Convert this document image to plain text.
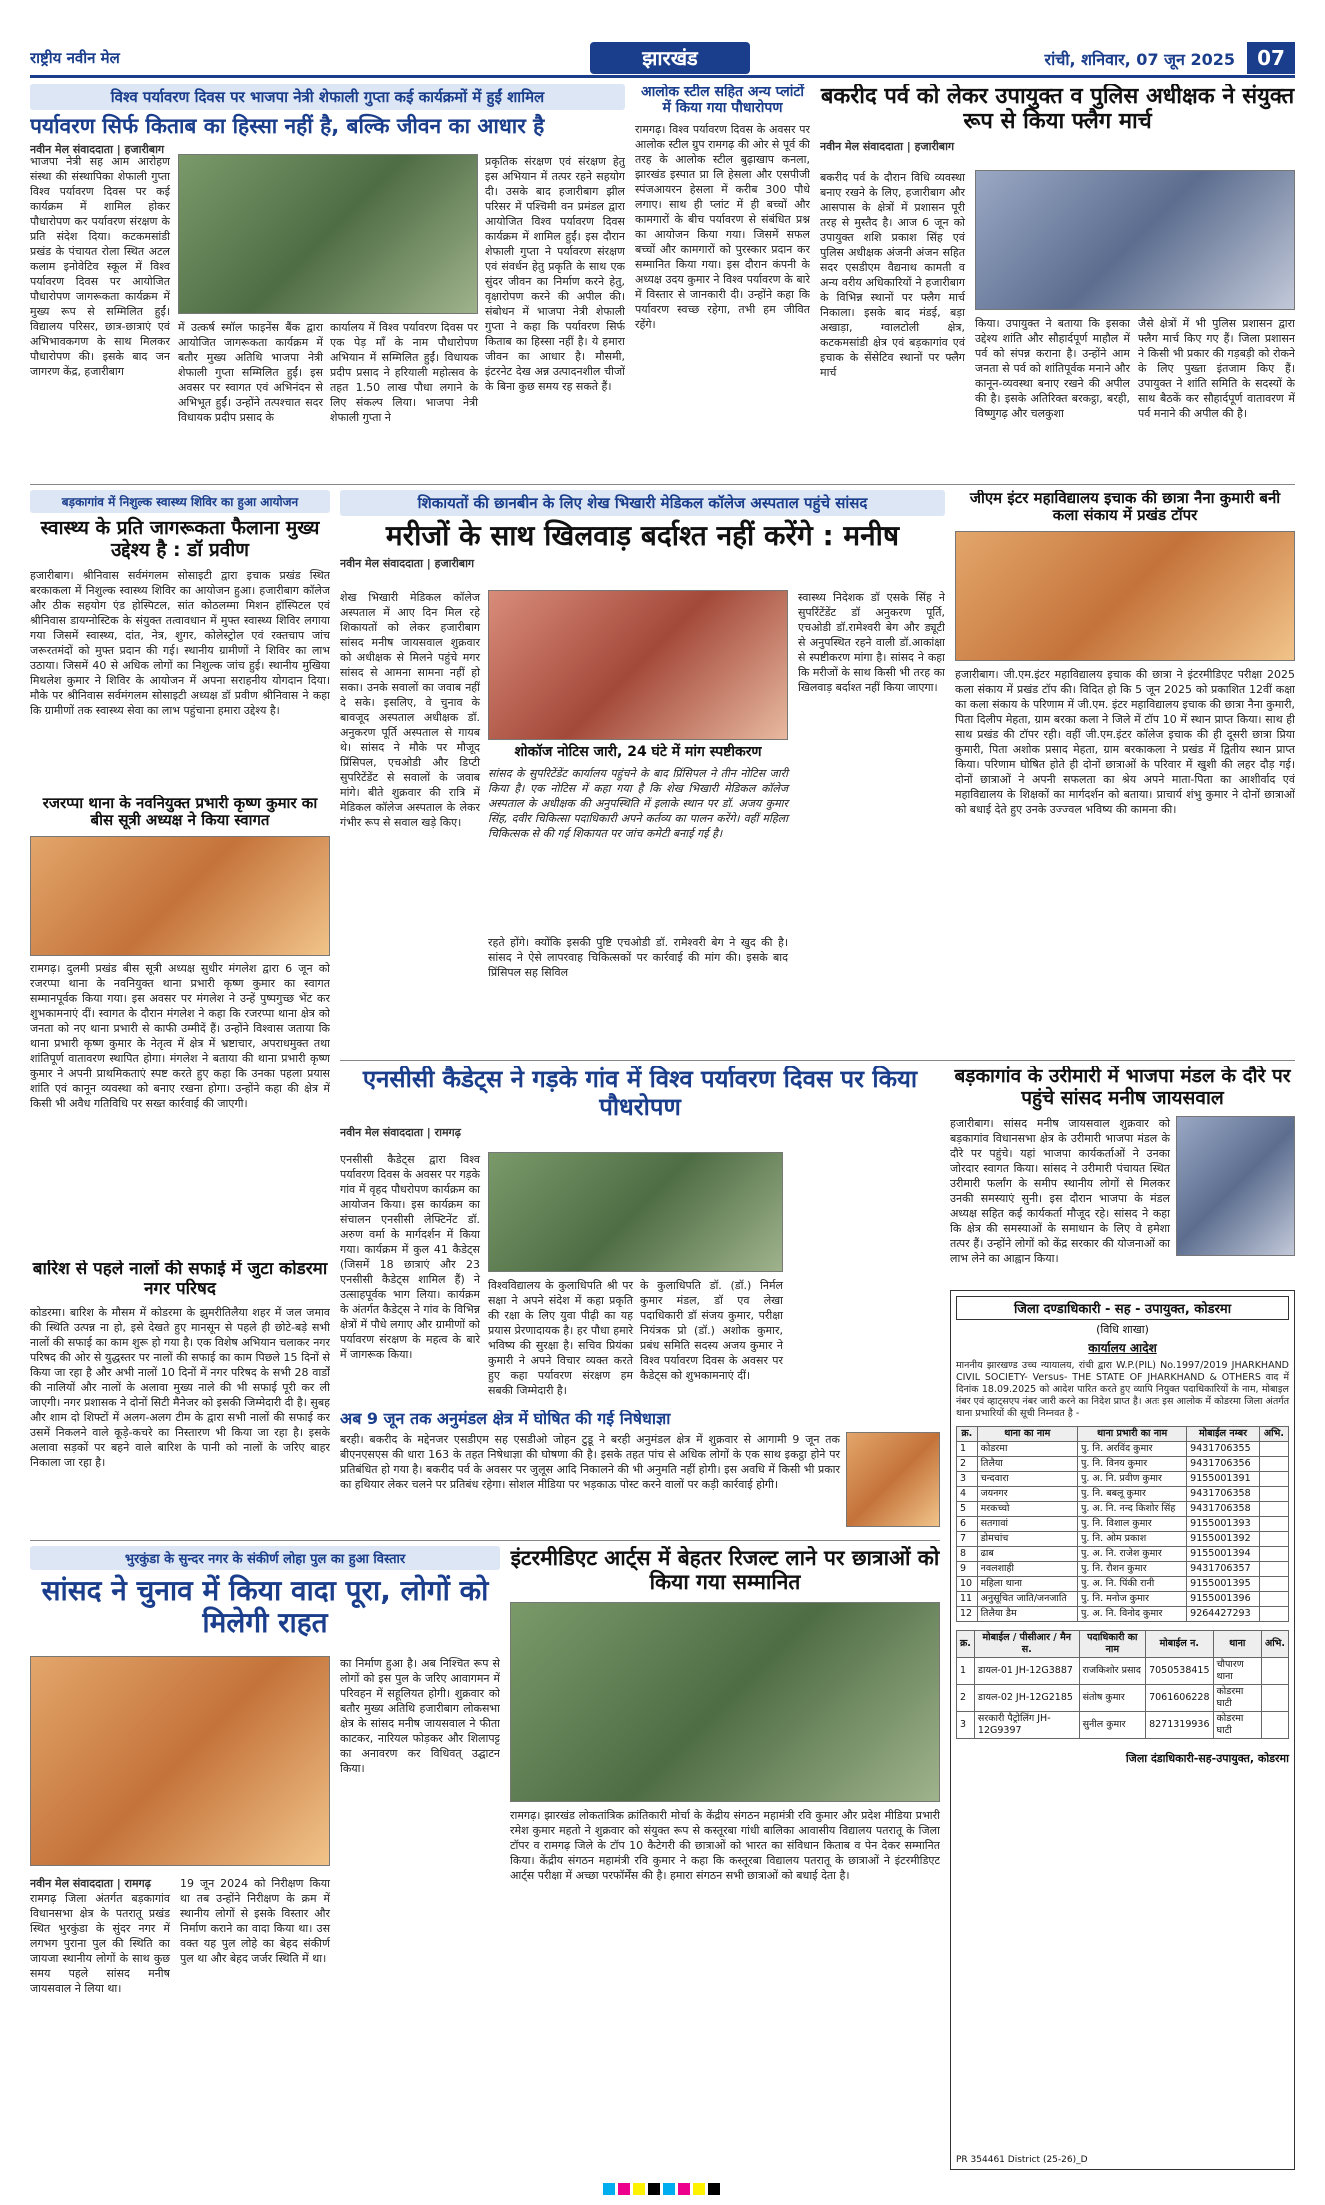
राष्ट्रीय नवीन मेल	झारखंड	रांची, शनिवार, 07 जून 2025	07
विश्व पर्यावरण दिवस पर भाजपा नेत्री शेफाली गुप्ता कई कार्यक्रमों में हुईं शामिल
पर्यावरण सिर्फ किताब का हिस्सा नहीं है, बल्कि जीवन का आधार है
नवीन मेल संवाददाता | हजारीबाग
भाजपा नेत्री सह आम आरोहण संस्था की संस्थापिका शेफाली गुप्ता विश्व पर्यावरण दिवस पर कई कार्यक्रम में शामिल होकर पौधारोपण कर पर्यावरण संरक्षण के प्रति संदेश दिया। कटकमसांडी प्रखंड के पंचायत रोला स्थित अटल कलाम इनोवेटिव स्कूल में विश्व पर्यावरण दिवस पर आयोजित पौधारोपण जागरूकता कार्यक्रम में मुख्य रूप से सम्मिलित हुईं। विद्यालय परिसर, छात्र-छात्राएं एवं अभिभावकगण के साथ मिलकर पौधारोपण की। इसके बाद जन जागरण केंद्र, हजारीबाग
में उत्कर्ष स्मॉल फाइनेंस बैंक द्वारा आयोजित जागरूकता कार्यक्रम में बतौर मुख्य अतिथि भाजपा नेत्री शेफाली गुप्ता सम्मिलित हुईं। इस अवसर पर स्वागत एवं अभिनंदन से अभिभूत हुईं। उन्होंने तत्पश्चात सदर विधायक प्रदीप प्रसाद के
कार्यालय में विश्व पर्यावरण दिवस पर एक पेड़ माँ के नाम पौधारोपण अभियान में सम्मिलित हुईं। विधायक प्रदीप प्रसाद ने हरियाली महोत्सव के तहत 1.50 लाख पौधा लगाने के लिए संकल्प लिया। भाजपा नेत्री शेफाली गुप्ता ने
प्रकृतिक संरक्षण एवं संरक्षण हेतु इस अभियान में तत्पर रहने सहयोग दी। उसके बाद हजारीबाग झील परिसर में पश्चिमी वन प्रमंडल द्वारा आयोजित विश्व पर्यावरण दिवस कार्यक्रम में शामिल हुईं। इस दौरान शेफाली गुप्ता ने पर्यावरण संरक्षण एवं संवर्धन हेतु प्रकृति के साथ एक सुंदर जीवन का निर्माण करने हेतु, वृक्षारोपण करने की अपील की। संबोधन में भाजपा नेत्री शेफाली गुप्ता ने कहा कि पर्यावरण सिर्फ किताब का हिस्सा नहीं है। ये हमारा जीवन का आधार है। मौसमी, इंटरनेट देख अन्न उत्पादनशील चीजों के बिना कुछ समय रह सकते हैं।
आलोक स्टील सहित अन्य प्लांटों में किया गया पौधारोपण
रामगढ़। विश्व पर्यावरण दिवस के अवसर पर आलोक स्टील ग्रुप रामगढ़ की ओर से पूर्व की तरह के आलोक स्टील बुढ़ाखाप कनला, झारखंड इस्पात प्रा लि हेसला और एसपीजी स्पंजआयरन हेसला में करीब 300 पौधे लगाए। साथ ही प्लांट में ही बच्चों और कामगारों के बीच पर्यावरण से संबंधित प्रश्न का आयोजन किया गया। जिसमें सफल बच्चों और कामगारों को पुरस्कार प्रदान कर सम्मानित किया गया। इस दौरान कंपनी के अध्यक्ष उदय कुमार ने विश्व पर्यावरण के बारे में विस्तार से जानकारी दी। उन्होंने कहा कि पर्यावरण स्वच्छ रहेगा, तभी हम जीवित रहेंगे।
बकरीद पर्व को लेकर उपायुक्त व पुलिस अधीक्षक ने संयुक्त रूप से किया फ्लैग मार्च
नवीन मेल संवाददाता | हजारीबाग
बकरीद पर्व के दौरान विधि व्यवस्था बनाए रखने के लिए, हजारीबाग और आसपास के क्षेत्रों में प्रशासन पूरी तरह से मुस्तैद है। आज 6 जून को उपायुक्त शशि प्रकाश सिंह एवं पुलिस अधीक्षक अंजनी अंजन सहित सदर एसडीएम वैद्यनाथ कामती व अन्य वरीय अधिकारियों ने हजारीबाग के विभिन्न स्थानों पर फ्लैग मार्च निकाला। इसके बाद मंडई, बड़ा अखाड़ा, ग्वालटोली क्षेत्र, कटकमसांडी क्षेत्र एवं बड़कागांव एवं इचाक के सेंसेटिव स्थानों पर फ्लैग मार्च
किया। उपायुक्त ने बताया कि इसका उद्देश्य शांति और सौहार्दपूर्ण माहौल में पर्व को संपन्न कराना है। उन्होंने आम जनता से पर्व को शांतिपूर्वक मनाने और कानून-व्यवस्था बनाए रखने की अपील की है। इसके अतिरिक्त बरकट्ठा, बरही, विष्णुगढ़ और चलकुशा
जैसे क्षेत्रों में भी पुलिस प्रशासन द्वारा फ्लैग मार्च किए गए हैं। जिला प्रशासन ने किसी भी प्रकार की गड़बड़ी को रोकने के लिए पुख्ता इंतजाम किए हैं। उपायुक्त ने शांति समिति के सदस्यों के साथ बैठकें कर सौहार्दपूर्ण वातावरण में पर्व मनाने की अपील की है।
बड़कागांव में निशुल्क स्वास्थ्य शिविर का हुआ आयोजन
स्वास्थ्य के प्रति जागरूकता फैलाना मुख्य उद्देश्य है : डॉ प्रवीण
हजारीबाग। श्रीनिवास सर्वमंगलम सोसाइटी द्वारा इचाक प्रखंड स्थित बरकाकला में निशुल्क स्वास्थ्य शिविर का आयोजन हुआ। हजारीबाग कॉलेज और ठीक सहयोग एंड होस्पिटल, सांत कोठलम्मा मिशन हॉस्पिटल एवं श्रीनिवास डायग्नोस्टिक के संयुक्त तत्वावधान में मुफ्त स्वास्थ्य शिविर लगाया गया जिसमें स्वास्थ्य, दांत, नेत्र, शुगर, कोलेस्ट्रोल एवं रक्तचाप जांच जरूरतमंदों को मुफ्त प्रदान की गई। स्थानीय ग्रामीणों ने शिविर का लाभ उठाया। जिसमें 40 से अधिक लोगों का निशुल्क जांच हुई। स्थानीय मुखिया मिथलेश कुमार ने शिविर के आयोजन में अपना सराहनीय योगदान दिया। मौके पर श्रीनिवास सर्वमंगलम सोसाइटी अध्यक्ष डॉ प्रवीण श्रीनिवास ने कहा कि ग्रामीणों तक स्वास्थ्य सेवा का लाभ पहुंचाना हमारा उद्देश्य है।
रजरप्पा थाना के नवनियुक्त प्रभारी कृष्ण कुमार का बीस सूत्री अध्यक्ष ने किया स्वागत
रामगढ़। दुलमी प्रखंड बीस सूत्री अध्यक्ष सुधीर मंगलेश द्वारा 6 जून को रजरप्पा थाना के नवनियुक्त थाना प्रभारी कृष्ण कुमार का स्वागत सम्मानपूर्वक किया गया। इस अवसर पर मंगलेश ने उन्हें पुष्पगुच्छ भेंट कर शुभकामनाएं दीं। स्वागत के दौरान मंगलेश ने कहा कि रजरप्पा थाना क्षेत्र को जनता को नए थाना प्रभारी से काफी उम्मीदें हैं। उन्होंने विश्वास जताया कि थाना प्रभारी कृष्ण कुमार के नेतृत्व में क्षेत्र में भ्रष्टाचार, अपराधमुक्त तथा शांतिपूर्ण वातावरण स्थापित होगा। मंगलेश ने बताया की थाना प्रभारी कृष्ण कुमार ने अपनी प्राथमिकताएं स्पष्ट करते हुए कहा कि उनका पहला प्रयास शांति एवं कानून व्यवस्था को बनाए रखना होगा। उन्होंने कहा की क्षेत्र में किसी भी अवैध गतिविधि पर सख्त कार्रवाई की जाएगी।
शिकायतों की छानबीन के लिए शेख भिखारी मेडिकल कॉलेज अस्पताल पहुंचे सांसद
मरीजों के साथ खिलवाड़ बर्दाश्त नहीं करेंगे : मनीष
नवीन मेल संवाददाता | हजारीबाग
शेख भिखारी मेडिकल कॉलेज अस्पताल में आए दिन मिल रहे शिकायतों को लेकर हजारीबाग सांसद मनीष जायसवाल शुक्रवार को अधीक्षक से मिलने पहुंचे मगर सांसद से आमना सामना नहीं हो सका। उनके सवालों का जवाब नहीं दे सके। इसलिए, वे चुनाव के बावजूद अस्पताल अधीक्षक डॉ. अनुकरण पूर्ति अस्पताल से गायब थे। सांसद ने मौके पर मौजूद प्रिंसिपल, एचओडी और डिप्टी सुपरिटेंडेंट से सवालों के जवाब मांगे। बीते शुक्रवार की रात्रि में मेडिकल कॉलेज अस्पताल के लेकर गंभीर रूप से सवाल खड़े किए।
शोकॉज नोटिस जारी, 24 घंटे में मांग स्पष्टीकरण
सांसद के सुपरिटेंडेंट कार्यालय पहुंचने के बाद प्रिंसिपल ने तीन नोटिस जारी किया है। एक नोटिस में कहा गया है कि शेख भिखारी मेडिकल कॉलेज अस्पताल के अधीक्षक की अनुपस्थिति में इलाके स्थान पर डॉ. अजय कुमार सिंह, दवीर चिकित्सा पदाधिकारी अपने कर्तव्य का पालन करेंगे। वहीं महिला चिकित्सक से की गई शिकायत पर जांच कमेटी बनाई गई है।
रहते होंगे। क्योंकि इसकी पुष्टि एचओडी डॉ. रामेश्वरी बेग ने खुद की है। सांसद ने ऐसे लापरवाह चिकित्सकों पर कार्रवाई की मांग की। इसके बाद प्रिंसिपल सह सिविल
स्वास्थ्य निदेशक डॉ एसके सिंह ने सुपरिंटेंडेंट डॉ अनुकरण पूर्ति, एचओडी डॉ.रामेश्वरी बेग और ड्यूटी से अनुपस्थित रहने वाली डॉ.आकांक्षा से स्पष्टीकरण मांगा है। सांसद ने कहा कि मरीजों के साथ किसी भी तरह का खिलवाड़ बर्दाश्त नहीं किया जाएगा।
जीएम इंटर महाविद्यालय इचाक की छात्रा नैना कुमारी बनी कला संकाय में प्रखंड टॉपर
हजारीबाग। जी.एम.इंटर महाविद्यालय इचाक की छात्रा ने इंटरमीडिएट परीक्षा 2025 कला संकाय में प्रखंड टॉप की। विदित हो कि 5 जून 2025 को प्रकाशित 12वीं कक्षा का कला संकाय के परिणाम में जी.एम. इंटर महाविद्यालय इचाक की छात्रा नैना कुमारी, पिता दिलीप मेहता, ग्राम बरका कला ने जिले में टॉप 10 में स्थान प्राप्त किया। साथ ही साथ प्रखंड की टॉपर रही। वहीं जी.एम.इंटर कॉलेज इचाक की ही दूसरी छात्रा प्रिया कुमारी, पिता अशोक प्रसाद मेहता, ग्राम बरकाकला ने प्रखंड में द्वितीय स्थान प्राप्त किया। परिणाम घोषित होते ही दोनों छात्राओं के परिवार में खुशी की लहर दौड़ गई। दोनों छात्राओं ने अपनी सफलता का श्रेय अपने माता-पिता का आशीर्वाद एवं महाविद्यालय के शिक्षकों का मार्गदर्शन को बताया। प्राचार्य शंभु कुमार ने दोनों छात्राओं को बधाई देते हुए उनके उज्ज्वल भविष्य की कामना की।
एनसीसी कैडेट्स ने गड़के गांव में विश्व पर्यावरण दिवस पर किया पौधरोपण
नवीन मेल संवाददाता | रामगढ़
एनसीसी कैडेट्स द्वारा विश्व पर्यावरण दिवस के अवसर पर गड़के गांव में वृहद पौधरोपण कार्यक्रम का आयोजन किया। इस कार्यक्रम का संचालन एनसीसी लेफ्टिनेंट डॉ. अरुण वर्मा के मार्गदर्शन में किया गया। कार्यक्रम में कुल 41 कैडेट्स (जिसमें 18 छात्राएं और 23 एनसीसी कैडेट्स शामिल हैं) ने उत्साहपूर्वक भाग लिया। कार्यक्रम के अंतर्गत कैडेट्स ने गांव के विभिन्न क्षेत्रों में पौधे लगाए और ग्रामीणों को पर्यावरण संरक्षण के महत्व के बारे में जागरूक किया।
विश्वविद्यालय के कुलाधिपति श्री पर सक्षा ने अपने संदेश में कहा प्रकृति की रक्षा के लिए युवा पीढ़ी का यह प्रयास प्रेरणादायक है। हर पौधा हमारे भविष्य की सुरक्षा है। सचिव प्रियंका कुमारी ने अपने विचार व्यक्त करते हुए कहा पर्यावरण संरक्षण हम सबकी जिम्मेदारी है।
के कुलाधिपति डॉ. (डॉ.) निर्मल कुमार मंडल, डॉ एव लेखा पदाधिकारी डॉ संजय कुमार, परीक्षा नियंत्रक प्रो (डॉ.) अशोक कुमार, प्रबंध समिति सदस्य अजय कुमार ने विश्व पर्यावरण दिवस के अवसर पर कैडेट्स को शुभकामनाएं दीं।
बड़कागांव के उरीमारी में भाजपा मंडल के दौरे पर पहुंचे सांसद मनीष जायसवाल
हजारीबाग। सांसद मनीष जायसवाल शुक्रवार को बड़कागांव विधानसभा क्षेत्र के उरीमारी भाजपा मंडल के दौरे पर पहुंचे। यहां भाजपा कार्यकर्ताओं ने उनका जोरदार स्वागत किया। सांसद ने उरीमारी पंचायत स्थित उरीमारी फर्लांग के समीप स्थानीय लोगों से मिलकर उनकी समस्याएं सुनी। इस दौरान भाजपा के मंडल अध्यक्ष सहित कई कार्यकर्ता मौजूद रहे। सांसद ने कहा कि क्षेत्र की समस्याओं के समाधान के लिए वे हमेशा तत्पर हैं। उन्होंने लोगों को केंद्र सरकार की योजनाओं का लाभ लेने का आह्वान किया।
बारिश से पहले नालों की सफाई में जुटा कोडरमा नगर परिषद
कोडरमा। बारिश के मौसम में कोडरमा के झुमरीतिलैया शहर में जल जमाव की स्थिति उत्पन्न ना हो, इसे देखते हुए मानसून से पहले ही छोटे-बड़े सभी नालों की सफाई का काम शुरू हो गया है। एक विशेष अभियान चलाकर नगर परिषद की ओर से युद्धस्तर पर नालों की सफाई का काम पिछले 15 दिनों से किया जा रहा है और अभी नालों 10 दिनों में नगर परिषद के सभी 28 वार्डों की नालियों और नालों के अलावा मुख्य नाले की भी सफाई पूरी कर ली जाएगी। नगर प्रशासक ने दोनों सिटी मैनेजर को इसकी जिम्मेदारी दी है। सुबह और शाम दो शिफ्टों में अलग-अलग टीम के द्वारा सभी नालों की सफाई कर उसमें निकलने वाले कूड़े-कचरे का निस्तारण भी किया जा रहा है। इसके अलावा सड़कों पर बहने वाले बारिश के पानी को नालों के जरिए बाहर निकाला जा रहा है।
अब 9 जून तक अनुमंडल क्षेत्र में घोषित की गई निषेधाज्ञा
बरही। बकरीद के मद्देनजर एसडीएम सह एसडीओ जोहन टुडू ने बरही अनुमंडल क्षेत्र में शुक्रवार से आगामी 9 जून तक बीएनएसएस की धारा 163 के तहत निषेधाज्ञा की घोषणा की है। इसके तहत पांच से अधिक लोगों के एक साथ इकट्ठा होने पर प्रतिबंधित हो गया है। बकरीद पर्व के अवसर पर जुलूस आदि निकालने की भी अनुमति नहीं होगी। इस अवधि में किसी भी प्रकार का हथियार लेकर चलने पर प्रतिबंध रहेगा। सोशल मीडिया पर भड़काऊ पोस्ट करने वालों पर कड़ी कार्रवाई होगी।
भुरकुंडा के सुन्दर नगर के संकीर्ण लोहा पुल का हुआ विस्तार
सांसद ने चुनाव में किया वादा पूरा, लोगों को मिलेगी राहत
नवीन मेल संवाददाता | रामगढ़
रामगढ़ जिला अंतर्गत बड़कागांव विधानसभा क्षेत्र के पतरातू प्रखंड स्थित भुरकुंडा के सुंदर नगर में लगभग पुराना पुल की स्थिति का जायजा स्थानीय लोगों के साथ कुछ समय पहले सांसद मनीष जायसवाल ने लिया था।
19 जून 2024 को निरीक्षण किया था तब उन्होंने निरीक्षण के क्रम में स्थानीय लोगों से इसके विस्तार और निर्माण कराने का वादा किया था। उस वक्त यह पुल लोहे का बेहद संकीर्ण पुल था और बेहद जर्जर स्थिति में था।
का निर्माण हुआ है। अब निश्चित रूप से लोगों को इस पुल के जरिए आवागमन में परिवहन में सहूलियत होगी। शुक्रवार को बतौर मुख्य अतिथि हजारीबाग लोकसभा क्षेत्र के सांसद मनीष जायसवाल ने फीता काटकर, नारियल फोड़कर और शिलापट्ट का अनावरण कर विधिवत् उद्घाटन किया।
इंटरमीडिएट आर्ट्स में बेहतर रिजल्ट लाने पर छात्राओं को किया गया सम्मानित
रामगढ़। झारखंड लोकतांत्रिक क्रांतिकारी मोर्चा के केंद्रीय संगठन महामंत्री रवि कुमार और प्रदेश मीडिया प्रभारी रमेश कुमार महतो ने शुक्रवार को संयुक्त रूप से कस्तूरबा गांधी बालिका आवासीय विद्यालय पतरातू के जिला टॉपर व रामगढ़ जिले के टॉप 10 कैटेगरी की छात्राओं को भारत का संविधान किताब व पेन देकर सम्मानित किया। केंद्रीय संगठन महामंत्री रवि कुमार ने कहा कि कस्तूरबा विद्यालय पतरातू के छात्राओं ने इंटरमीडिएट आर्ट्स परीक्षा में अच्छा परफॉर्मेंस की है। हमारा संगठन सभी छात्राओं को बधाई देता है।
जिला दण्डाधिकारी - सह - उपायुक्त, कोडरमा
(विधि शाखा)
कार्यालय आदेश
माननीय झारखण्ड उच्च न्यायालय, रांची द्वारा W.P.(PIL) No.1997/2019 JHARKHAND CIVIL SOCIETY- Versus- THE STATE OF JHARKHAND & OTHERS वाद में दिनांक 18.09.2025 को आदेश पारित करते हुए व्यापि नियुक्त पदाधिकारियों के नाम, मोबाइल नंबर एवं व्हाट्सएप नंबर जारी करने का निदेश प्राप्त है। अतः इस आलोक में कोडरमा जिला अंतर्गत थाना प्रभारियों की सूची निम्नवत है -
क्र.	थाना का नाम	थाना प्रभारी का नाम	मोबाईल नम्बर	अभि.
1	कोडरमा	पु. नि. अरविंद कुमार	9431706355	
2	तिलैया	पु. नि. विनय कुमार	9431706356	
3	चन्दवारा	पु. अ. नि. प्रवीण कुमार	9155001391	
4	जयनगर	पु. नि. बबलू कुमार	9431706358	
5	मरकच्चो	पु. अ. नि. नन्द किशोर सिंह	9431706358	
6	सतगावां	पु. नि. विशाल कुमार	9155001393	
7	डोमचांच	पु. नि. ओम प्रकाश	9155001392	
8	ढाब	पु. अ. नि. राजेश कुमार	9155001394	
9	नवलशाही	पु. नि. रौशन कुमार	9431706357	
10	महिला थाना	पु. अ. नि. पिंकी रानी	9155001395	
11	अनुसूचित जाति/जनजाति	पु. नि. मनोज कुमार	9155001396	
12	तिलैया डैम	पु. अ. नि. विनोद कुमार	9264427293	
क्र.	मोबाईल / पीसीआर / मैन स.	पदाधिकारी का नाम	मोबाईल न.	थाना	अभि.
1	डायल-01 JH-12G3887	राजकिशोर प्रसाद	7050538415	चौपारण थाना	
2	डायल-02 JH-12G2185	संतोष कुमार	7061606228	कोडरमा घाटी	
3	सरकारी पैट्रोलिंग JH-12G9397	सुनील कुमार	8271319936	कोडरमा घाटी	
जिला दंडाधिकारी-सह-उपायुक्त, कोडरमा
PR 354461 District (25-26)_D
